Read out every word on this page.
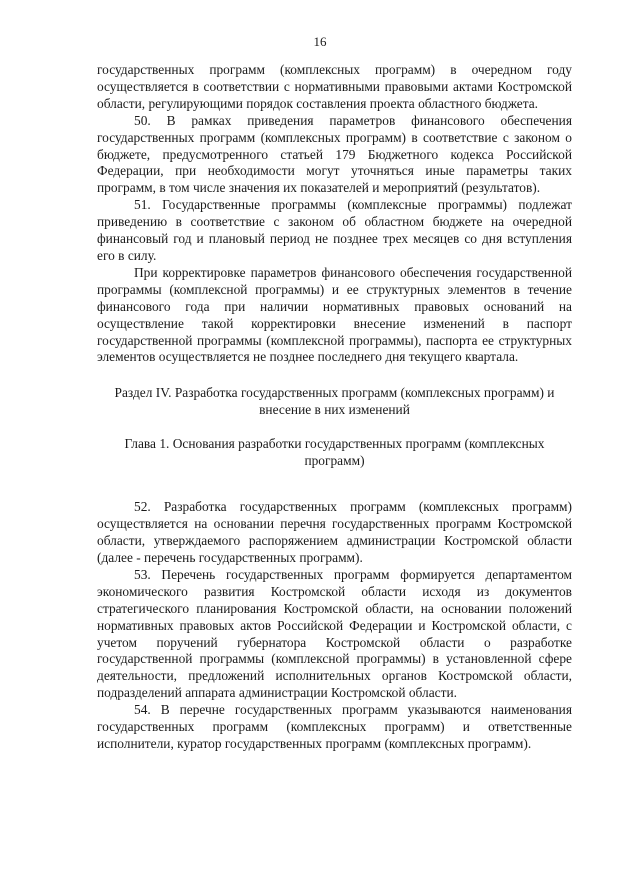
16

государственных программ (комплексных программ) в очередном году осуществляется в соответствии с нормативными правовыми актами Костромской области, регулирующими порядок составления проекта областного бюджета.

50. В рамках приведения параметров финансового обеспечения государственных программ (комплексных программ) в соответствие с законом о бюджете, предусмотренного статьей 179 Бюджетного кодекса Российской Федерации, при необходимости могут уточняться иные параметры таких программ, в том числе значения их показателей и мероприятий (результатов).

51. Государственные программы (комплексные программы) подлежат приведению в соответствие с законом об областном бюджете на очередной финансовый год и плановый период не позднее трех месяцев со дня вступления его в силу.

При корректировке параметров финансового обеспечения государственной программы (комплексной программы) и ее структурных элементов в течение финансового года при наличии нормативных правовых оснований на осуществление такой корректировки внесение изменений в паспорт государственной программы (комплексной программы), паспорта ее структурных элементов осуществляется не позднее последнего дня текущего квартала.

Раздел IV. Разработка государственных программ (комплексных программ) и внесение в них изменений

Глава 1. Основания разработки государственных программ (комплексных программ)

52. Разработка государственных программ (комплексных программ) осуществляется на основании перечня государственных программ Костромской области, утверждаемого распоряжением администрации Костромской области (далее - перечень государственных программ).

53. Перечень государственных программ формируется департаментом экономического развития Костромской области исходя из документов стратегического планирования Костромской области, на основании положений нормативных правовых актов Российской Федерации и Костромской области, с учетом поручений губернатора Костромской области о разработке государственной программы (комплексной программы) в установленной сфере деятельности, предложений исполнительных органов Костромской области, подразделений аппарата администрации Костромской области.

54. В перечне государственных программ указываются наименования государственных программ (комплексных программ) и ответственные исполнители, куратор государственных программ (комплексных программ).
